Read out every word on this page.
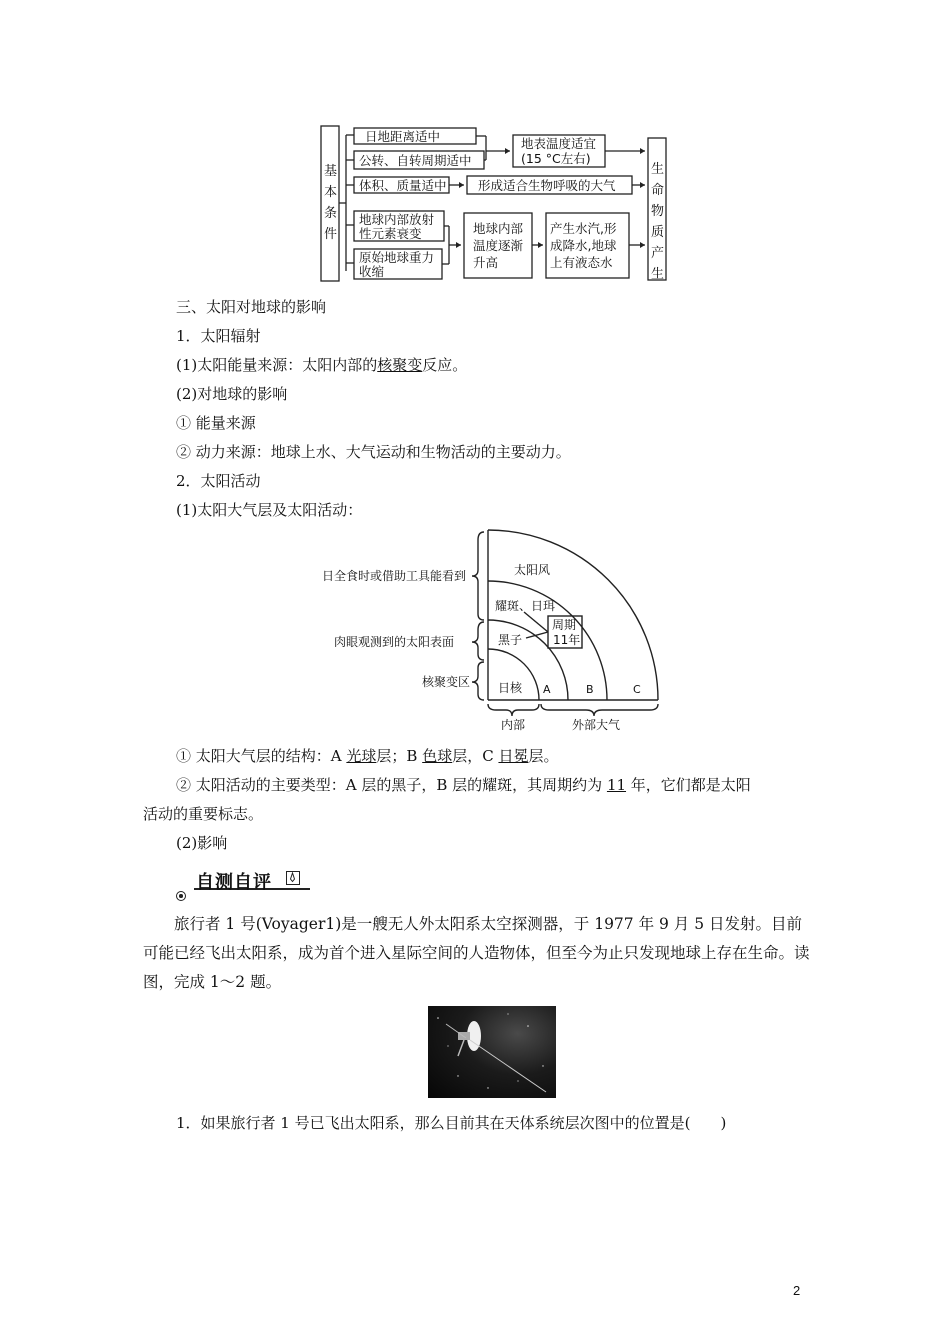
基
本
条
件
日地距离适中
公转、自转周期适中
体积、质量适中
地球内部放射
性元素衰变
原始地球重力
收缩
地表温度适宜
(15 °C左右)
形成适合生物呼吸的大气
地球内部
温度逐渐
升高
产生水汽,形
成降水,地球
上有液态水
生
命
物
质
产
生
三、太阳对地球的影响
1．太阳辐射
(1)太阳能量来源：太阳内部的核聚变反应。
(2)对地球的影响
① 能量来源
② 动力来源：地球上水、大气运动和生物活动的主要动力。
2．太阳活动
(1)太阳大气层及太阳活动：
太阳风
耀斑、日珥
周期
11年
黑子
日核 A	B	C
日全食时或借助工具能看到
肉眼观测到的太阳表面
核聚变区
内部	外部大气
① 太阳大气层的结构：A 光球层；B 色球层，C 日冕层。
② 太阳活动的主要类型：A 层的黑子，B 层的耀斑，其周期约为 11 年，它们都是太阳
活动的重要标志。
(2)影响
自测自评
旅行者 1 号(Voyager1)是一艘无人外太阳系太空探测器，于 1977 年 9 月 5 日发射。目前可能已经飞出太阳系，成为首个进入星际空间的人造物体，但至今为止只发现地球上存在生命。读图，完成 1～2 题。
1．如果旅行者 1 号已飞出太阳系，那么目前其在天体系统层次图中的位置是(　　)
2
